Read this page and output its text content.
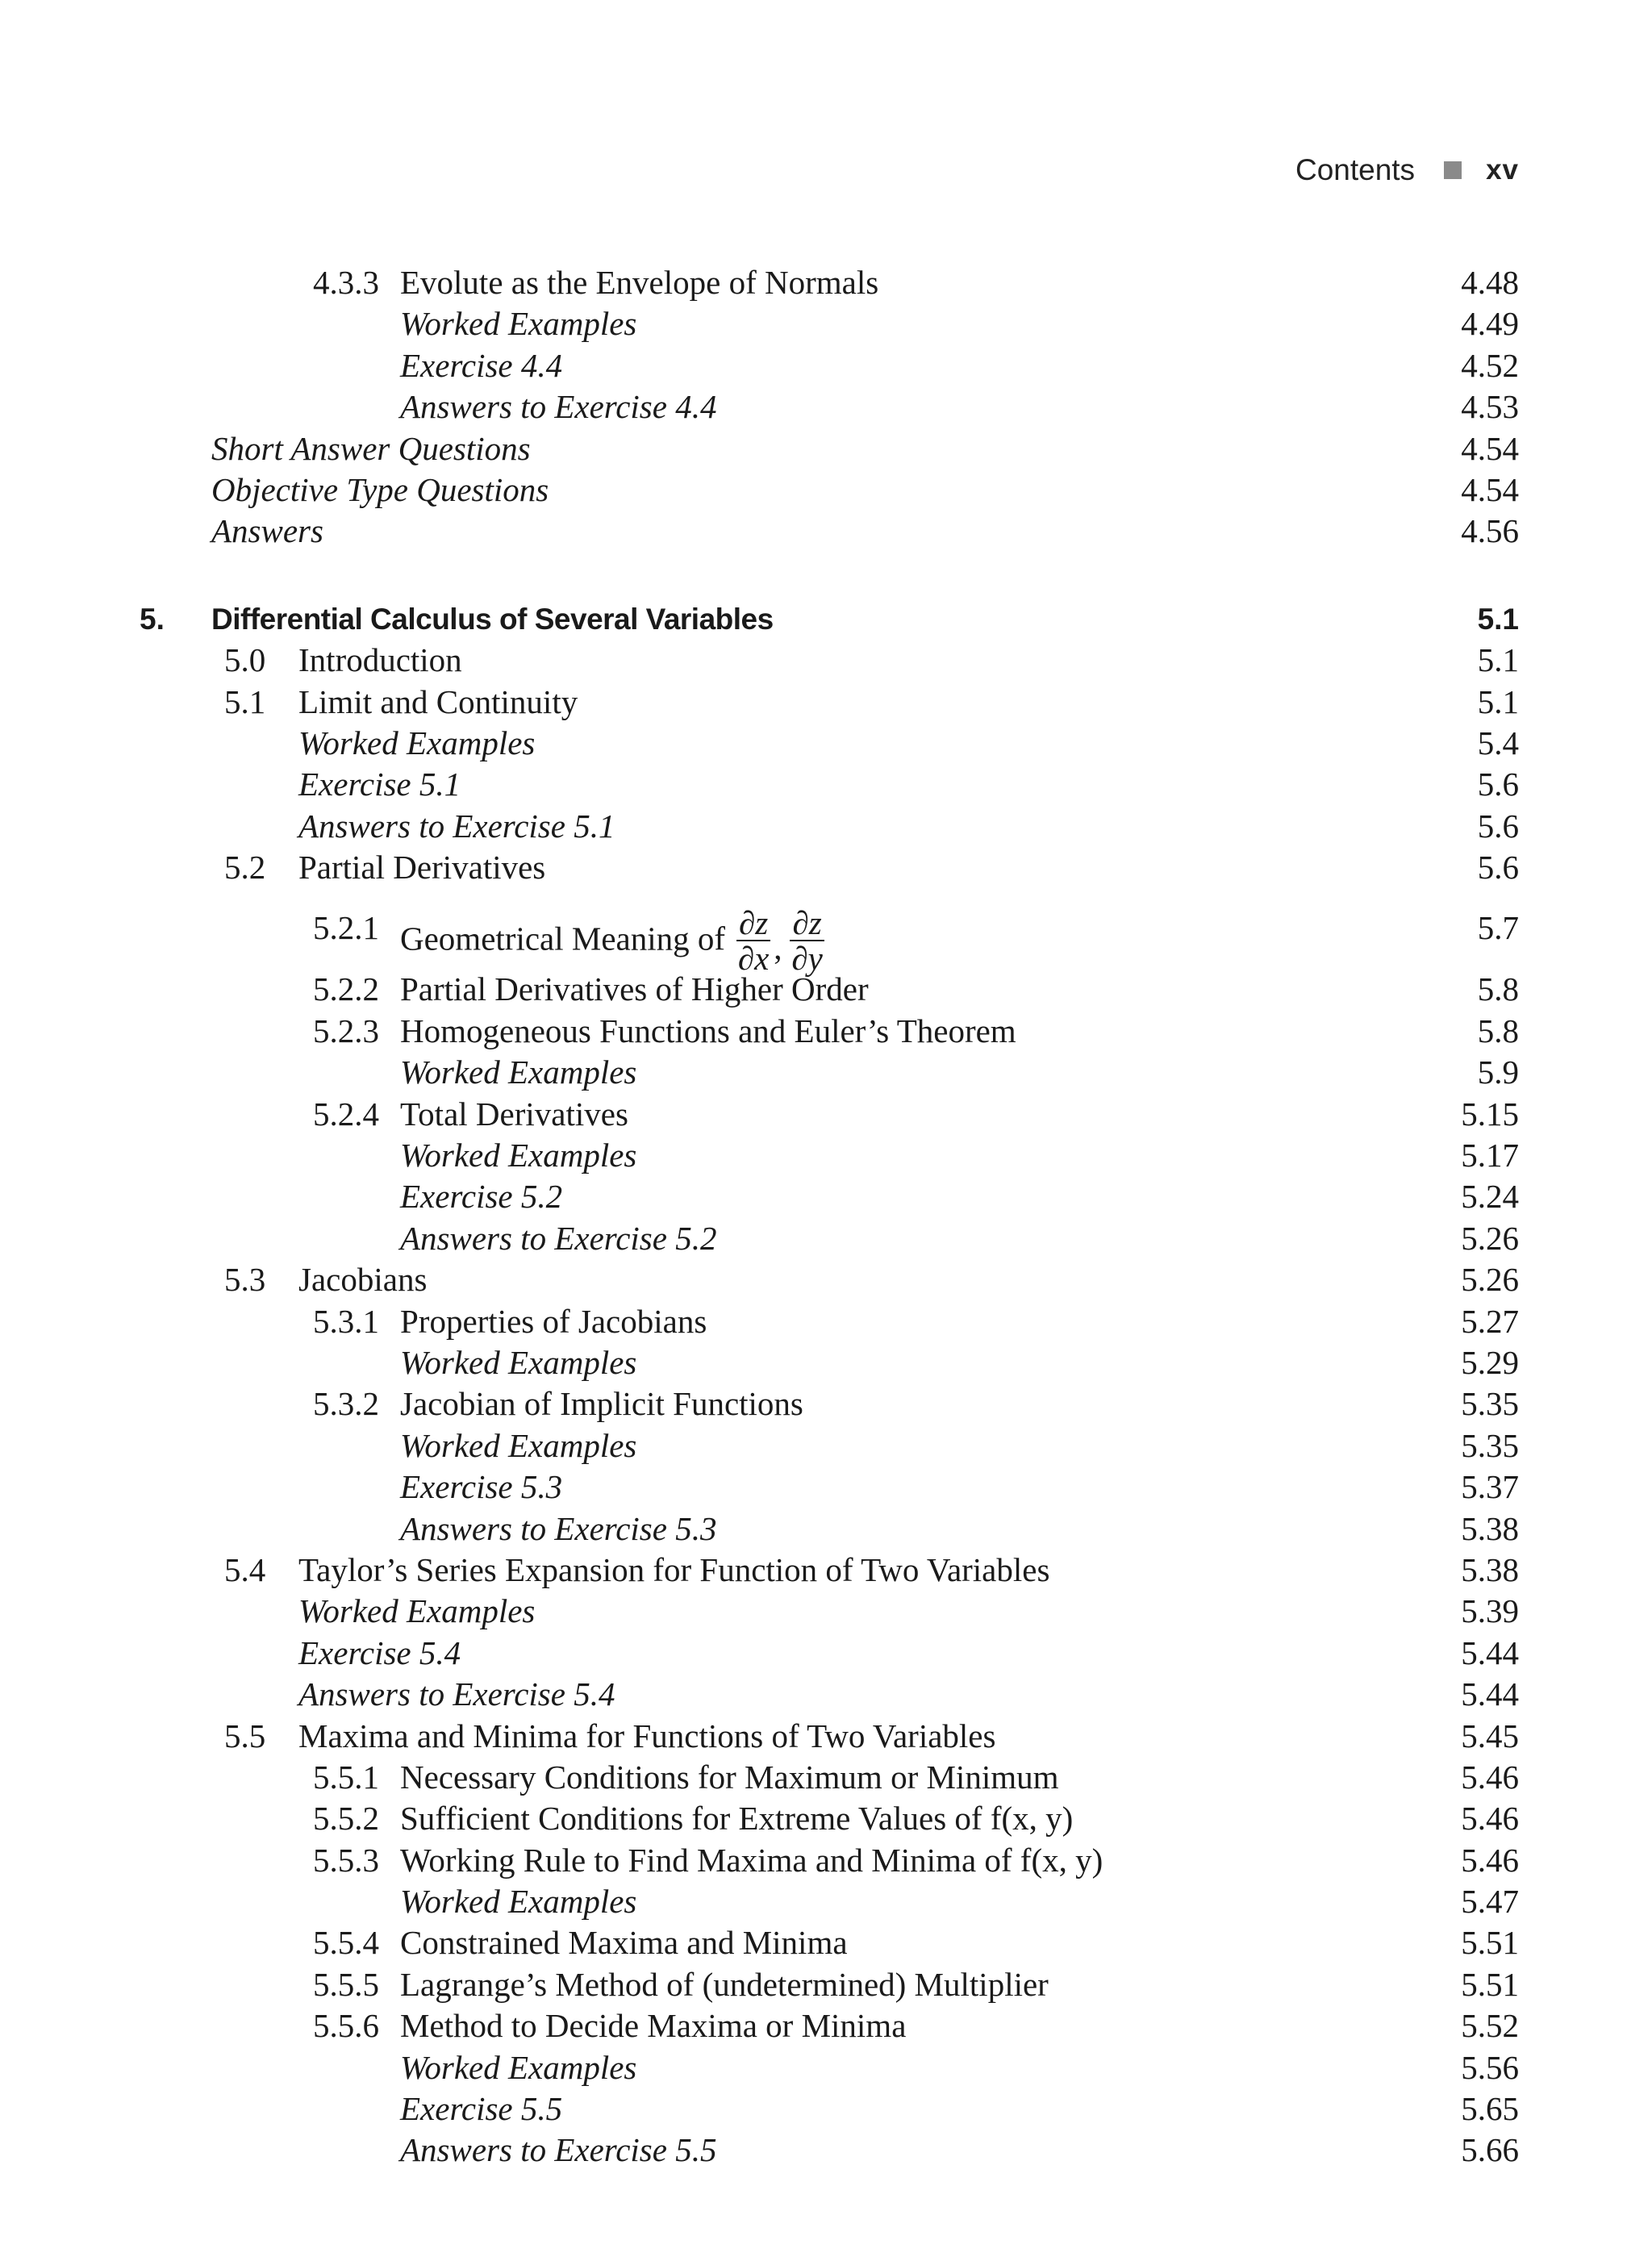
Contents	xv
4.3.3 Evolute as the Envelope of Normals	4.48
Worked Examples	4.49
Exercise 4.4	4.52
Answers to Exercise 4.4	4.53
Short Answer Questions	4.54
Objective Type Questions	4.54
Answers	4.56
5. Differential Calculus of Several Variables	5.1
5.0 Introduction	5.1
5.1 Limit and Continuity	5.1
Worked Examples	5.4
Exercise 5.1	5.6
Answers to Exercise 5.1	5.6
5.2 Partial Derivatives	5.6
5.2.1 Geometrical Meaning of $\frac{\partial z}{\partial x}$ , $\frac{\partial z}{\partial y}$	5.7
5.2.2 Partial Derivatives of Higher Order	5.8
5.2.3 Homogeneous Functions and Euler’s Theorem	5.8
Worked Examples	5.9
5.2.4 Total Derivatives	5.15
Worked Examples	5.17
Exercise 5.2	5.24
Answers to Exercise 5.2	5.26
5.3 Jacobians	5.26
5.3.1 Properties of Jacobians	5.27
Worked Examples	5.29
5.3.2 Jacobian of Implicit Functions	5.35
Worked Examples	5.35
Exercise 5.3	5.37
Answers to Exercise 5.3	5.38
5.4 Taylor’s Series Expansion for Function of Two Variables	5.38
Worked Examples	5.39
Exercise 5.4	5.44
Answers to Exercise 5.4	5.44
5.5 Maxima and Minima for Functions of Two Variables	5.45
5.5.1 Necessary Conditions for Maximum or Minimum	5.46
5.5.2 Sufficient Conditions for Extreme Values of f(x, y)	5.46
5.5.3 Working Rule to Find Maxima and Minima of f(x, y)	5.46
Worked Examples	5.47
5.5.4 Constrained Maxima and Minima	5.51
5.5.5 Lagrange’s Method of (undetermined) Multiplier	5.51
5.5.6 Method to Decide Maxima or Minima	5.52
Worked Examples	5.56
Exercise 5.5	5.65
Answers to Exercise 5.5	5.66
